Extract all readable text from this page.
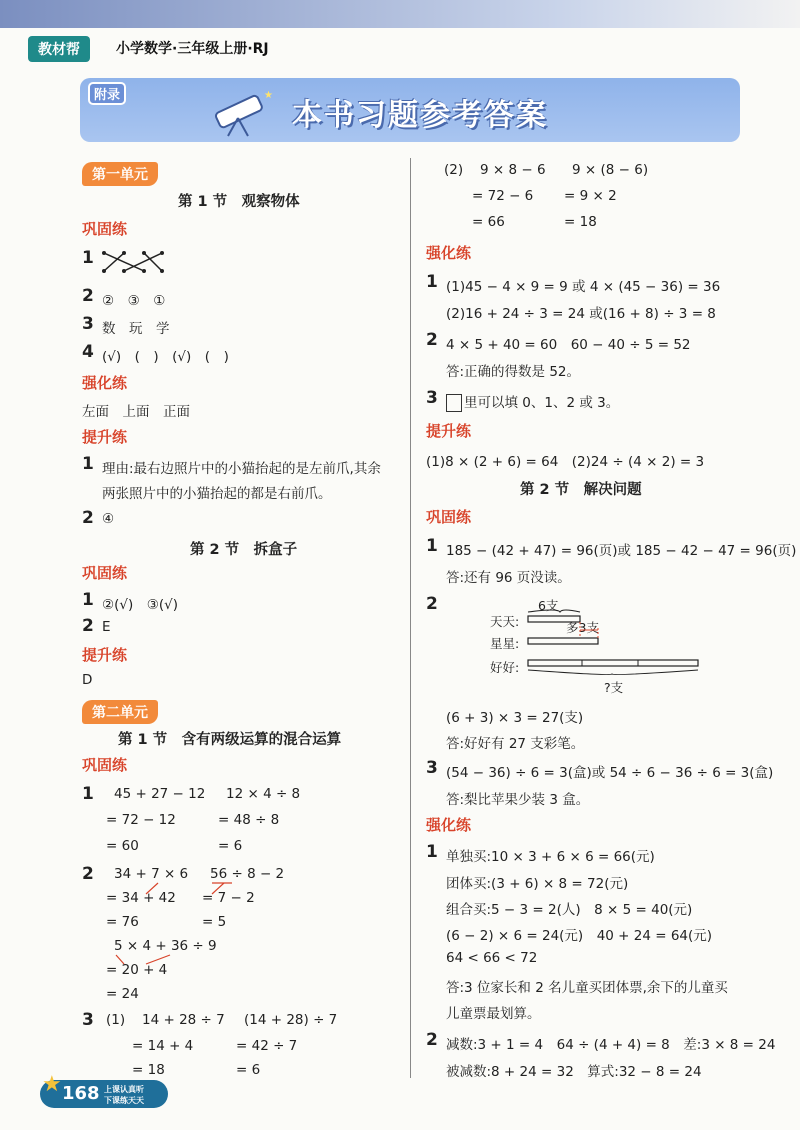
教材帮	小学数学·三年级上册·RJ
附录	★
本书习题参考答案
第一单元
第 1 节　观察物体
巩固练
1
2 ②　③　①
3 数　玩　学
4 (√)　(　)　(√)　(　)
强化练
左面　上面　正面
提升练
1 理由:最右边照片中的小猫抬起的是左前爪,其余
两张照片中的小猫抬起的都是右前爪。
2 ④
第 2 节　拆盒子
巩固练
1 ②(√)　③(√)
2 E
提升练
D
第二单元
第 1 节　含有两级运算的混合运算
巩固练
1 45 + 27 − 12
= 72 − 12
= 60
12 × 4 ÷ 8
= 48 ÷ 8
= 6
2 34 + 7 × 6
= 34 + 42
= 76
56 ÷ 8 − 2
= 7 − 2
= 5
5 × 4 + 36 ÷ 9
= 20 + 4
= 24
3 (1) 14 + 28 ÷ 7
= 14 + 4
= 18
(14 + 28) ÷ 7
= 42 ÷ 7
= 6
(2) 9 × 8 − 6
= 72 − 6
= 66
9 × (8 − 6)
= 9 × 2
= 18
强化练
1 (1)45 − 4 × 9 = 9 或 4 × (45 − 36) = 36
(2)16 + 24 ÷ 3 = 24 或(16 + 8) ÷ 3 = 8
2 4 × 5 + 40 = 60　60 − 40 ÷ 5 = 52
答:正确的得数是 52。
3	里可以填 0、1、2 或 3。
提升练
(1)8 × (2 + 6) = 64　(2)24 ÷ (4 × 2) = 3
第 2 节　解决问题
巩固练
1 185 − (42 + 47) = 96(页)或 185 − 42 − 47 = 96(页)
答:还有 96 页没读。
2	6支
多3支
天天:
星星:
好好:
?支
(6 + 3) × 3 = 27(支)
答:好好有 27 支彩笔。
3 (54 − 36) ÷ 6 = 3(盒)或 54 ÷ 6 − 36 ÷ 6 = 3(盒)
答:梨比苹果少装 3 盒。
强化练
1 单独买:10 × 3 + 6 × 6 = 66(元)
团体买:(3 + 6) × 8 = 72(元)
组合买:5 − 3 = 2(人)　8 × 5 = 40(元)
(6 − 2) × 6 = 24(元)　40 + 24 = 64(元)
64 < 66 < 72
答:3 位家长和 2 名儿童买团体票,余下的儿童买
儿童票最划算。
2 减数:3 + 1 = 4　64 ÷ (4 + 4) = 8　差:3 × 8 = 24
被减数:8 + 24 = 32　算式:32 − 8 = 24
★ 168 上课认真听
下课练天天
